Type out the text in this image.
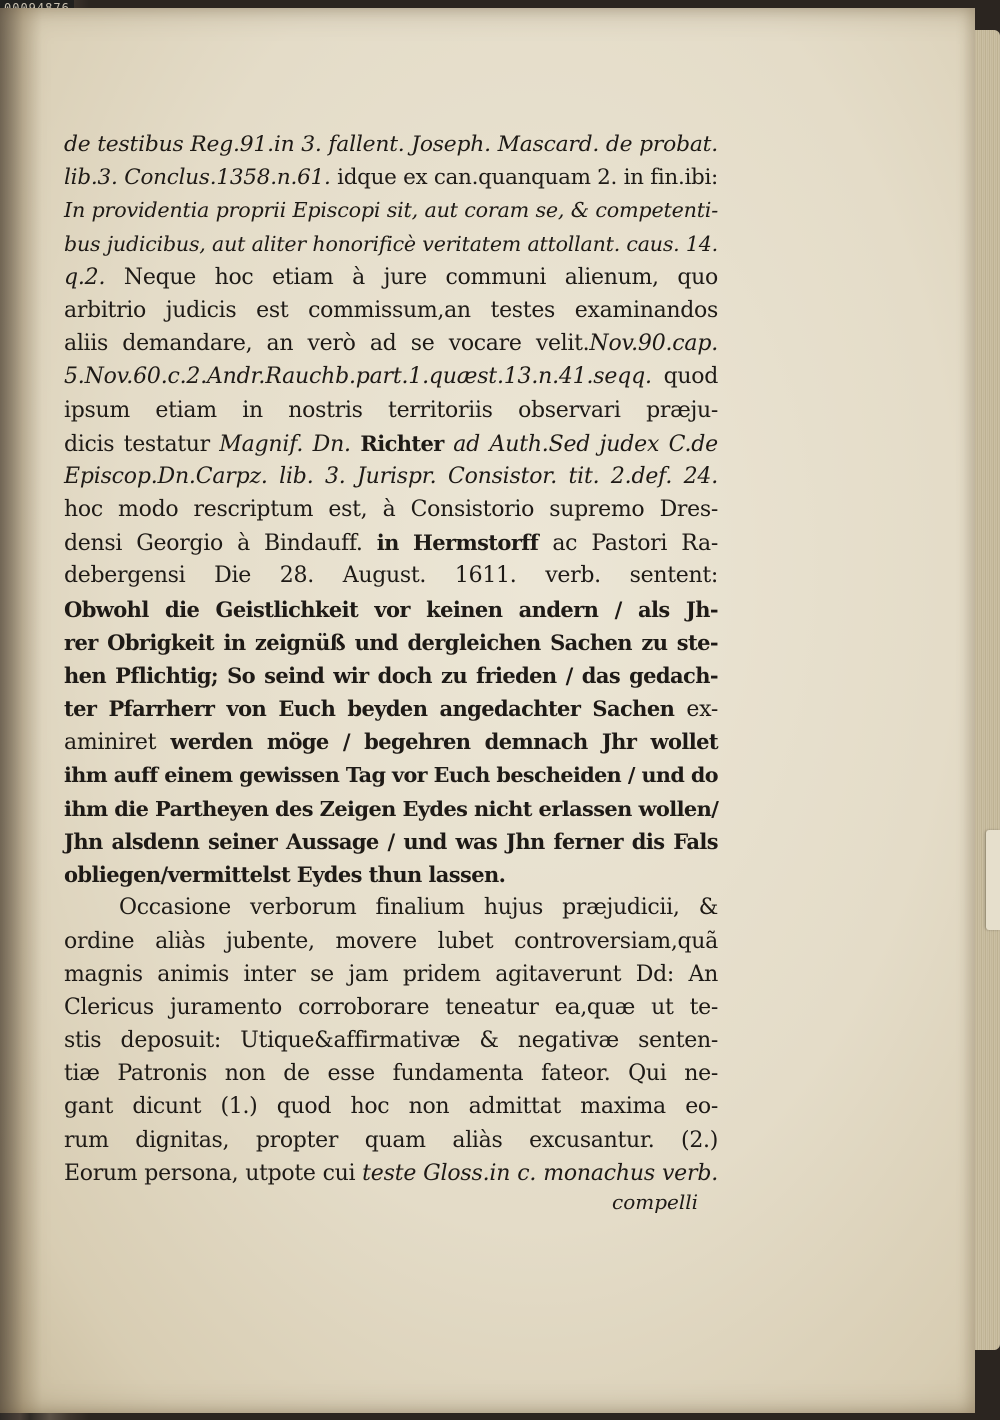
de testibus Reg.91.in 3. fallent. Joseph. Mascard. de probat.
lib.3. Conclus.1358.n.61. idque ex can.quanquam 2. in fin.ibi:
In providentia proprii Episcopi sit, aut coram se, & competenti-
bus judicibus, aut aliter honorificè veritatem attollant. caus. 14.
q.2. Neque hoc etiam à jure communi alienum, quo
arbitrio judicis est commissum,an testes examinandos
aliis demandare, an verò ad se vocare velit.Nov.90.cap.
5.Nov.60.c.2.Andr.Rauchb.part.1.quæst.13.n.41.seqq. quod
ipsum etiam in nostris territoriis observari præju-
dicis testatur Magnif. Dn. Richter ad Auth.Sed judex C.de
Episcop.Dn.Carpz. lib. 3. Jurispr. Consistor. tit. 2.def. 24.
hoc modo rescriptum est, à Consistorio supremo Dres-
densi Georgio à Bindauff. in Hermstorff ac Pastori Ra-
debergensi Die 28. August. 1611. verb. sentent:
Obwohl die Geistlichkeit vor keinen andern / als Jh-
rer Obrigkeit in zeignüß und dergleichen Sachen zu ste-
hen Pflichtig; So seind wir doch zu frieden / das gedach-
ter Pfarrherr von Euch beyden angedachter Sachen ex-
aminiret werden möge / begehren demnach Jhr wollet
ihm auff einem gewissen Tag vor Euch bescheiden / und do
ihm die Partheyen des Zeigen Eydes nicht erlassen wollen/
Jhn alsdenn seiner Aussage / und was Jhn ferner dis Fals
obliegen/vermittelst Eydes thun lassen.
Occasione verborum finalium hujus præjudicii, &
ordine aliàs jubente, movere lubet controversiam,quã
magnis animis inter se jam pridem agitaverunt Dd: An
Clericus juramento corroborare teneatur ea,quæ ut te-
stis deposuit: Utique&affirmativæ & negativæ senten-
tiæ Patronis non de esse fundamenta fateor. Qui ne-
gant dicunt (1.) quod hoc non admittat maxima eo-
rum dignitas, propter quam aliàs excusantur. (2.)
Eorum persona, utpote cui teste Gloss.in c. monachus verb.
compelli
